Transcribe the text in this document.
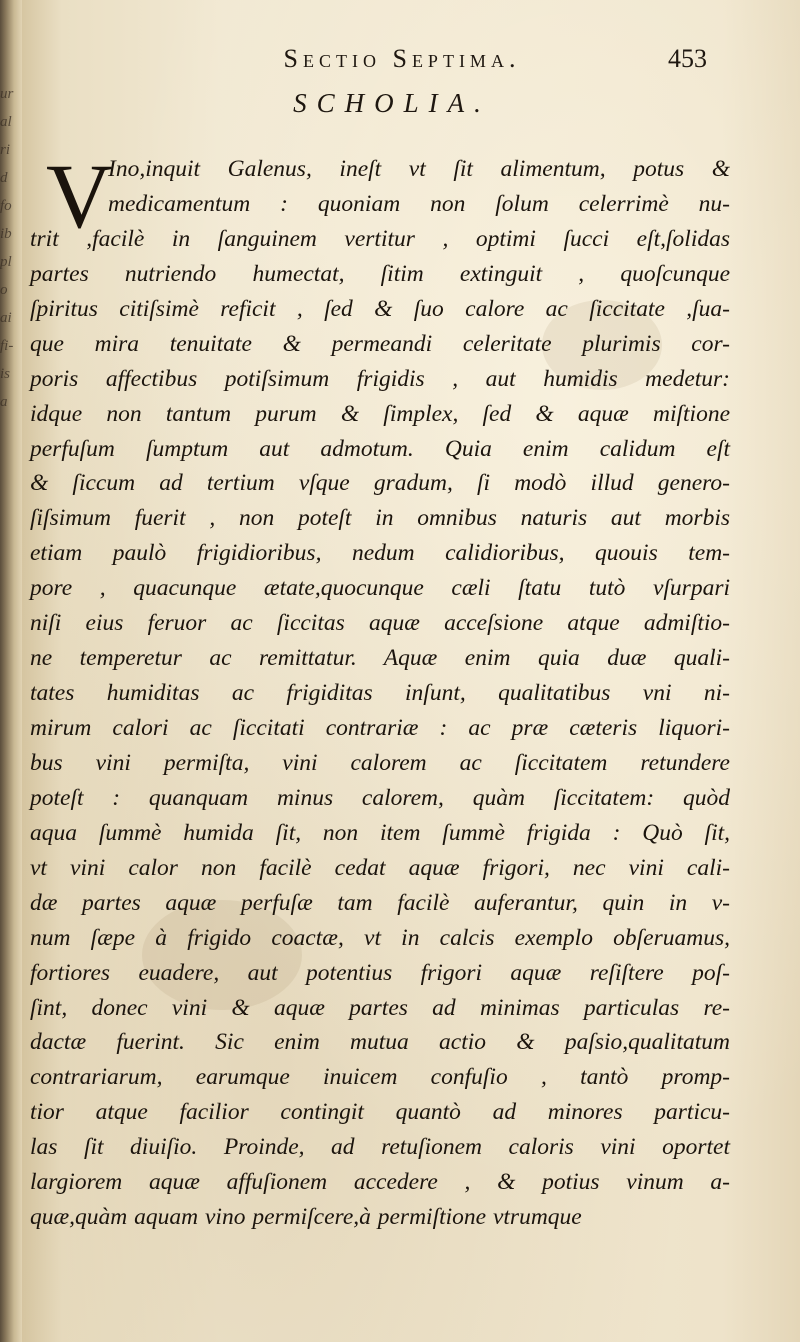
ur
al
ri
d
fo
ib
pl
o
ai
fi-
is
a
Sectio Septima.	453
SCHOLIA.
V
Ino,inquit Galenus, ineſt vt ſit alimentum, potus &
medicamentum : quoniam non ſolum celerrimè nu-
trit ,facilè in ſanguinem vertitur , optimi ſucci eſt,ſolidas
partes nutriendo humectat, ſitim extinguit , quoſcunque
ſpiritus citiſsimè reficit , ſed & ſuo calore ac ſiccitate ,ſua-
que mira tenuitate & permeandi celeritate plurimis cor-
poris affectibus potiſsimum frigidis , aut humidis medetur:
idque non tantum purum & ſimplex, ſed & aquæ miſtione
perfuſum ſumptum aut admotum. Quia enim calidum eſt
& ſiccum ad tertium vſque gradum, ſi modò illud genero-
ſiſsimum fuerit , non poteſt in omnibus naturis aut morbis
etiam paulò frigidioribus, nedum calidioribus, quouis tem-
pore , quacunque ætate,quocunque cæli ſtatu tutò vſurpari
niſi eius feruor ac ſiccitas aquæ acceſsione atque admiſtio-
ne temperetur ac remittatur. Aquæ enim quia duæ quali-
tates humiditas ac frigiditas inſunt, qualitatibus vni ni-
mirum calori ac ſiccitati contrariæ : ac præ cæteris liquori-
bus vini permiſta, vini calorem ac ſiccitatem retundere
poteſt : quanquam minus calorem, quàm ſiccitatem: quòd
aqua ſummè humida ſit, non item ſummè frigida : Quò ſit,
vt vini calor non facilè cedat aquæ frigori, nec vini cali-
dæ partes aquæ perfuſæ tam facilè auferantur, quin in v-
num ſæpe à frigido coactæ, vt in calcis exemplo obſeruamus,
fortiores euadere, aut potentius frigori aquæ reſiſtere poſ-
ſint, donec vini & aquæ partes ad minimas particulas re-
dactæ fuerint. Sic enim mutua actio & paſsio,qualitatum
contrariarum, earumque inuicem confuſio , tantò promp-
tior atque facilior contingit quantò ad minores particu-
las ſit diuiſio. Proinde, ad retuſionem caloris vini oportet
largiorem aquæ affuſionem accedere , & potius vinum a-
quæ,quàm aquam vino permiſcere,à permiſtione vtrumque
